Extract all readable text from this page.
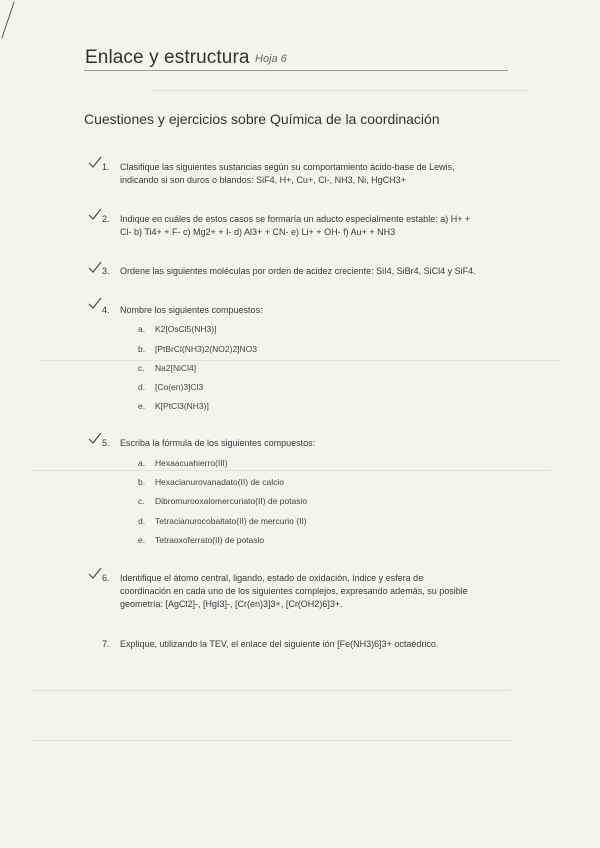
Enlace y estructura Hoja 6
Cuestiones y ejercicios sobre Química de la coordinación
1.	Clasifique las siguientes sustancias según su comportamiento ácido-base de Lewis,
indicando si son duros o blandos: SiF4, H+, Cu+, Cl-, NH3, Ni, HgCH3+
2.	Indique en cuáles de estos casos se formaría un aducto especialmente estable: a) H+ +
Cl- b) Ti4+ + F- c) Mg2+ + I- d) Al3+ + CN- e) Li+ + OH- f) Au+ + NH3
3.	Ordene las siguientes moléculas por orden de acidez creciente: SiI4, SiBr4, SiCl4 y SiF4.
4.	Nombre los siguientes compuestos:
a. K2[OsCl5(NH3)]
b. [PtBrCl(NH3)2(NO2)2]NO3
c. Na2[NiCl4]
d. [Co(en)3]Cl3
e. K[PtCl3(NH3)]
5.	Escriba la fórmula de los siguientes compuestos:
a. Hexaacuahierro(III)
b. Hexacianurovanadato(II) de calcio
c. Dibromurooxalomercuriato(II) de potasio
d. Tetracianurocobaltato(II) de mercurio (II)
e. Tetraoxoferrato(II) de potasio
6.	Identifique el átomo central, ligando, estado de oxidación, índice y esfera de
coordinación en cada uno de los siguientes complejos, expresando además, su posible
geometría: [AgCl2]-, [HgI3]-, [Cr(en)3]3+, [Cr(OH2)6]3+.
7.	Explique, utilizando la TEV, el enlace del siguiente ión [Fe(NH3)6]3+ octaédrico.
